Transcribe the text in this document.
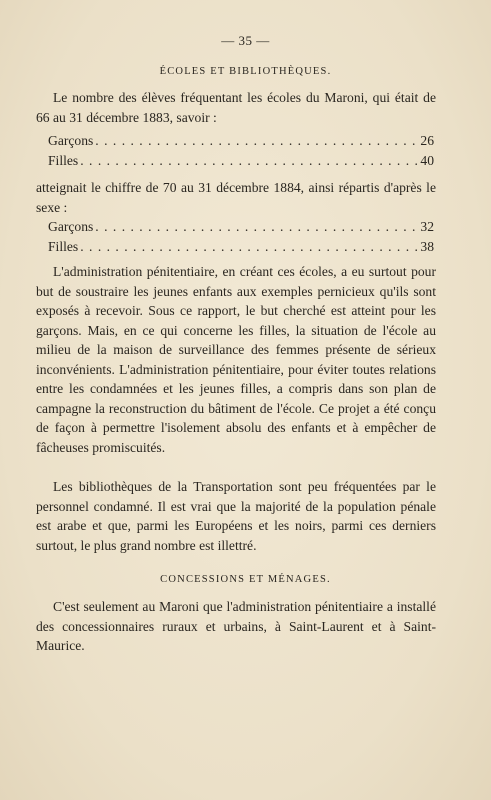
— 35 —
ÉCOLES ET BIBLIOTHÈQUES.
Le nombre des élèves fréquentant les écoles du Maroni, qui était de 66 au 31 décembre 1883, savoir :
Garçons . . .	26
Filles . . .	40
atteignait le chiffre de 70 au 31 décembre 1884, ainsi répartis d'après le sexe :
Garçons . . .	32
Filles . . .	38
L'administration pénitentiaire, en créant ces écoles, a eu surtout pour but de soustraire les jeunes enfants aux exemples pernicieux qu'ils sont exposés à recevoir. Sous ce rapport, le but cherché est atteint pour les garçons. Mais, en ce qui concerne les filles, la situation de l'école au milieu de la maison de surveillance des femmes présente de sérieux inconvénients. L'administration pénitentiaire, pour éviter toutes relations entre les condamnées et les jeunes filles, a compris dans son plan de campagne la reconstruction du bâtiment de l'école. Ce projet a été conçu de façon à permettre l'isolement absolu des enfants et à empêcher de fâcheuses promiscuités.
Les bibliothèques de la Transportation sont peu fréquentées par le personnel condamné. Il est vrai que la majorité de la population pénale est arabe et que, parmi les Européens et les noirs, parmi ces derniers surtout, le plus grand nombre est illettré.
CONCESSIONS ET MÉNAGES.
C'est seulement au Maroni que l'administration pénitentiaire a installé des concessionnaires ruraux et urbains, à Saint-Laurent et à Saint-Maurice.
